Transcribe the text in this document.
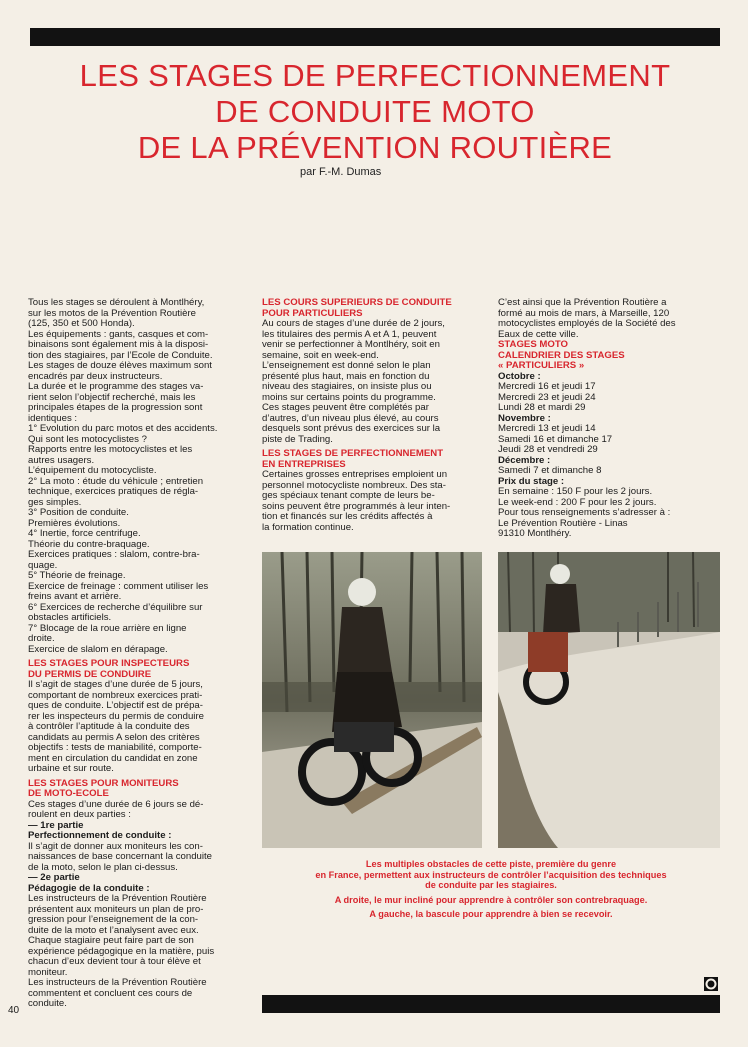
LES STAGES DE PERFECTIONNEMENT
DE CONDUITE MOTO
DE LA PRÉVENTION ROUTIÈRE
par F.-M. Dumas

Tous les stages se déroulent à Montlhéry,

sur les motos de la Prévention Routière

(125, 350 et 500 Honda).

Les équipements : gants, casques et com-

binaisons sont également mis à la disposi-

tion des stagiaires, par l’Ecole de Conduite.

Les stages de douze élèves maximum sont

encadrés par deux instructeurs.

La durée et le programme des stages va-

rient selon l’objectif recherché, mais les

principales étapes de la progression sont

identiques :

1° Evolution du parc motos et des accidents.

Qui sont les motocyclistes ?

Rapports entre les motocyclistes et les

autres usagers.

L’équipement du motocycliste.

2° La moto : étude du véhicule ; entretien

technique, exercices pratiques de régla-

ges simples.

3° Position de conduite.

Premières évolutions.

4° Inertie, force centrifuge.

Théorie du contre-braquage.

Exercices pratiques : slalom, contre-bra-

quage.

5° Théorie de freinage.

Exercice de freinage : comment utiliser les

freins avant et arrière.

6° Exercices de recherche d’équilibre sur

obstacles artificiels.

7° Blocage de la roue arrière en ligne

droite.

Exercice de slalom en dérapage.

LES STAGES POUR INSPECTEURS
DU PERMIS DE CONDUIRE

Il s’agit de stages d’une durée de 5 jours,

comportant de nombreux exercices prati-

ques de conduite. L’objectif est de prépa-

rer les inspecteurs du permis de conduire

à contrôler l’aptitude à la conduite des

candidats au permis A selon des critères

objectifs : tests de maniabilité, comporte-

ment en circulation du candidat en zone

urbaine et sur route.

LES STAGES POUR MONITEURS
DE MOTO-ECOLE

Ces stages d’une durée de 6 jours se dé-

roulent en deux parties :

— 1re partie

Perfectionnement de conduite :

Il s’agit de donner aux moniteurs les con-

naissances de base concernant la conduite

de la moto, selon le plan ci-dessus.

— 2e partie

Pédagogie de la conduite :

Les instructeurs de la Prévention Routière

présentent aux moniteurs un plan de pro-

gression pour l’enseignement de la con-

duite de la moto et l’analysent avec eux.

Chaque stagiaire peut faire part de son

expérience pédagogique en la matière, puis

chacun d’eux devient tour à tour élève et

moniteur.

Les instructeurs de la Prévention Routière

commentent et concluent ces cours de

conduite.

LES COURS SUPERIEURS DE CONDUITE
POUR PARTICULIERS

Au cours de stages d’une durée de 2 jours,

les titulaires des permis A et A 1, peuvent

venir se perfectionner à Montlhéry, soit en

semaine, soit en week-end.

L’enseignement est donné selon le plan

présenté plus haut, mais en fonction du

niveau des stagiaires, on insiste plus ou

moins sur certains points du programme.

Ces stages peuvent être complétés par

d’autres, d’un niveau plus élevé, au cours

desquels sont prévus des exercices sur la

piste de Trading.

LES STAGES DE PERFECTIONNEMENT
EN ENTREPRISES

Certaines grosses entreprises emploient un

personnel motocycliste nombreux. Des sta-

ges spéciaux tenant compte de leurs be-

soins peuvent être programmés à leur inten-

tion et financés sur les crédits affectés à

la formation continue.

C’est ainsi que la Prévention Routière a

formé au mois de mars, à Marseille, 120

motocyclistes employés de la Société des

Eaux de cette ville.

STAGES MOTO
CALENDRIER DES STAGES
« PARTICULIERS »

Octobre :

Mercredi 16 et jeudi 17

Mercredi 23 et jeudi 24

Lundi 28 et mardi 29

Novembre :

Mercredi 13 et jeudi 14

Samedi 16 et dimanche 17

Jeudi 28 et vendredi 29

Décembre :

Samedi 7 et dimanche 8

Prix du stage :

En semaine : 150 F pour les 2 jours.

Le week-end : 200 F pour les 2 jours.

Pour tous renseignements s’adresser à :

Le Prévention Routière - Linas

91310 Montlhéry.

Les multiples obstacles de cette piste, première du genre
en France, permettent aux instructeurs de contrôler l’acquisition des techniques
de conduite par les stagiaires.

A droite, le mur incliné pour apprendre à contrôler son contrebraquage.

A gauche, la bascule pour apprendre à bien se recevoir.

40
